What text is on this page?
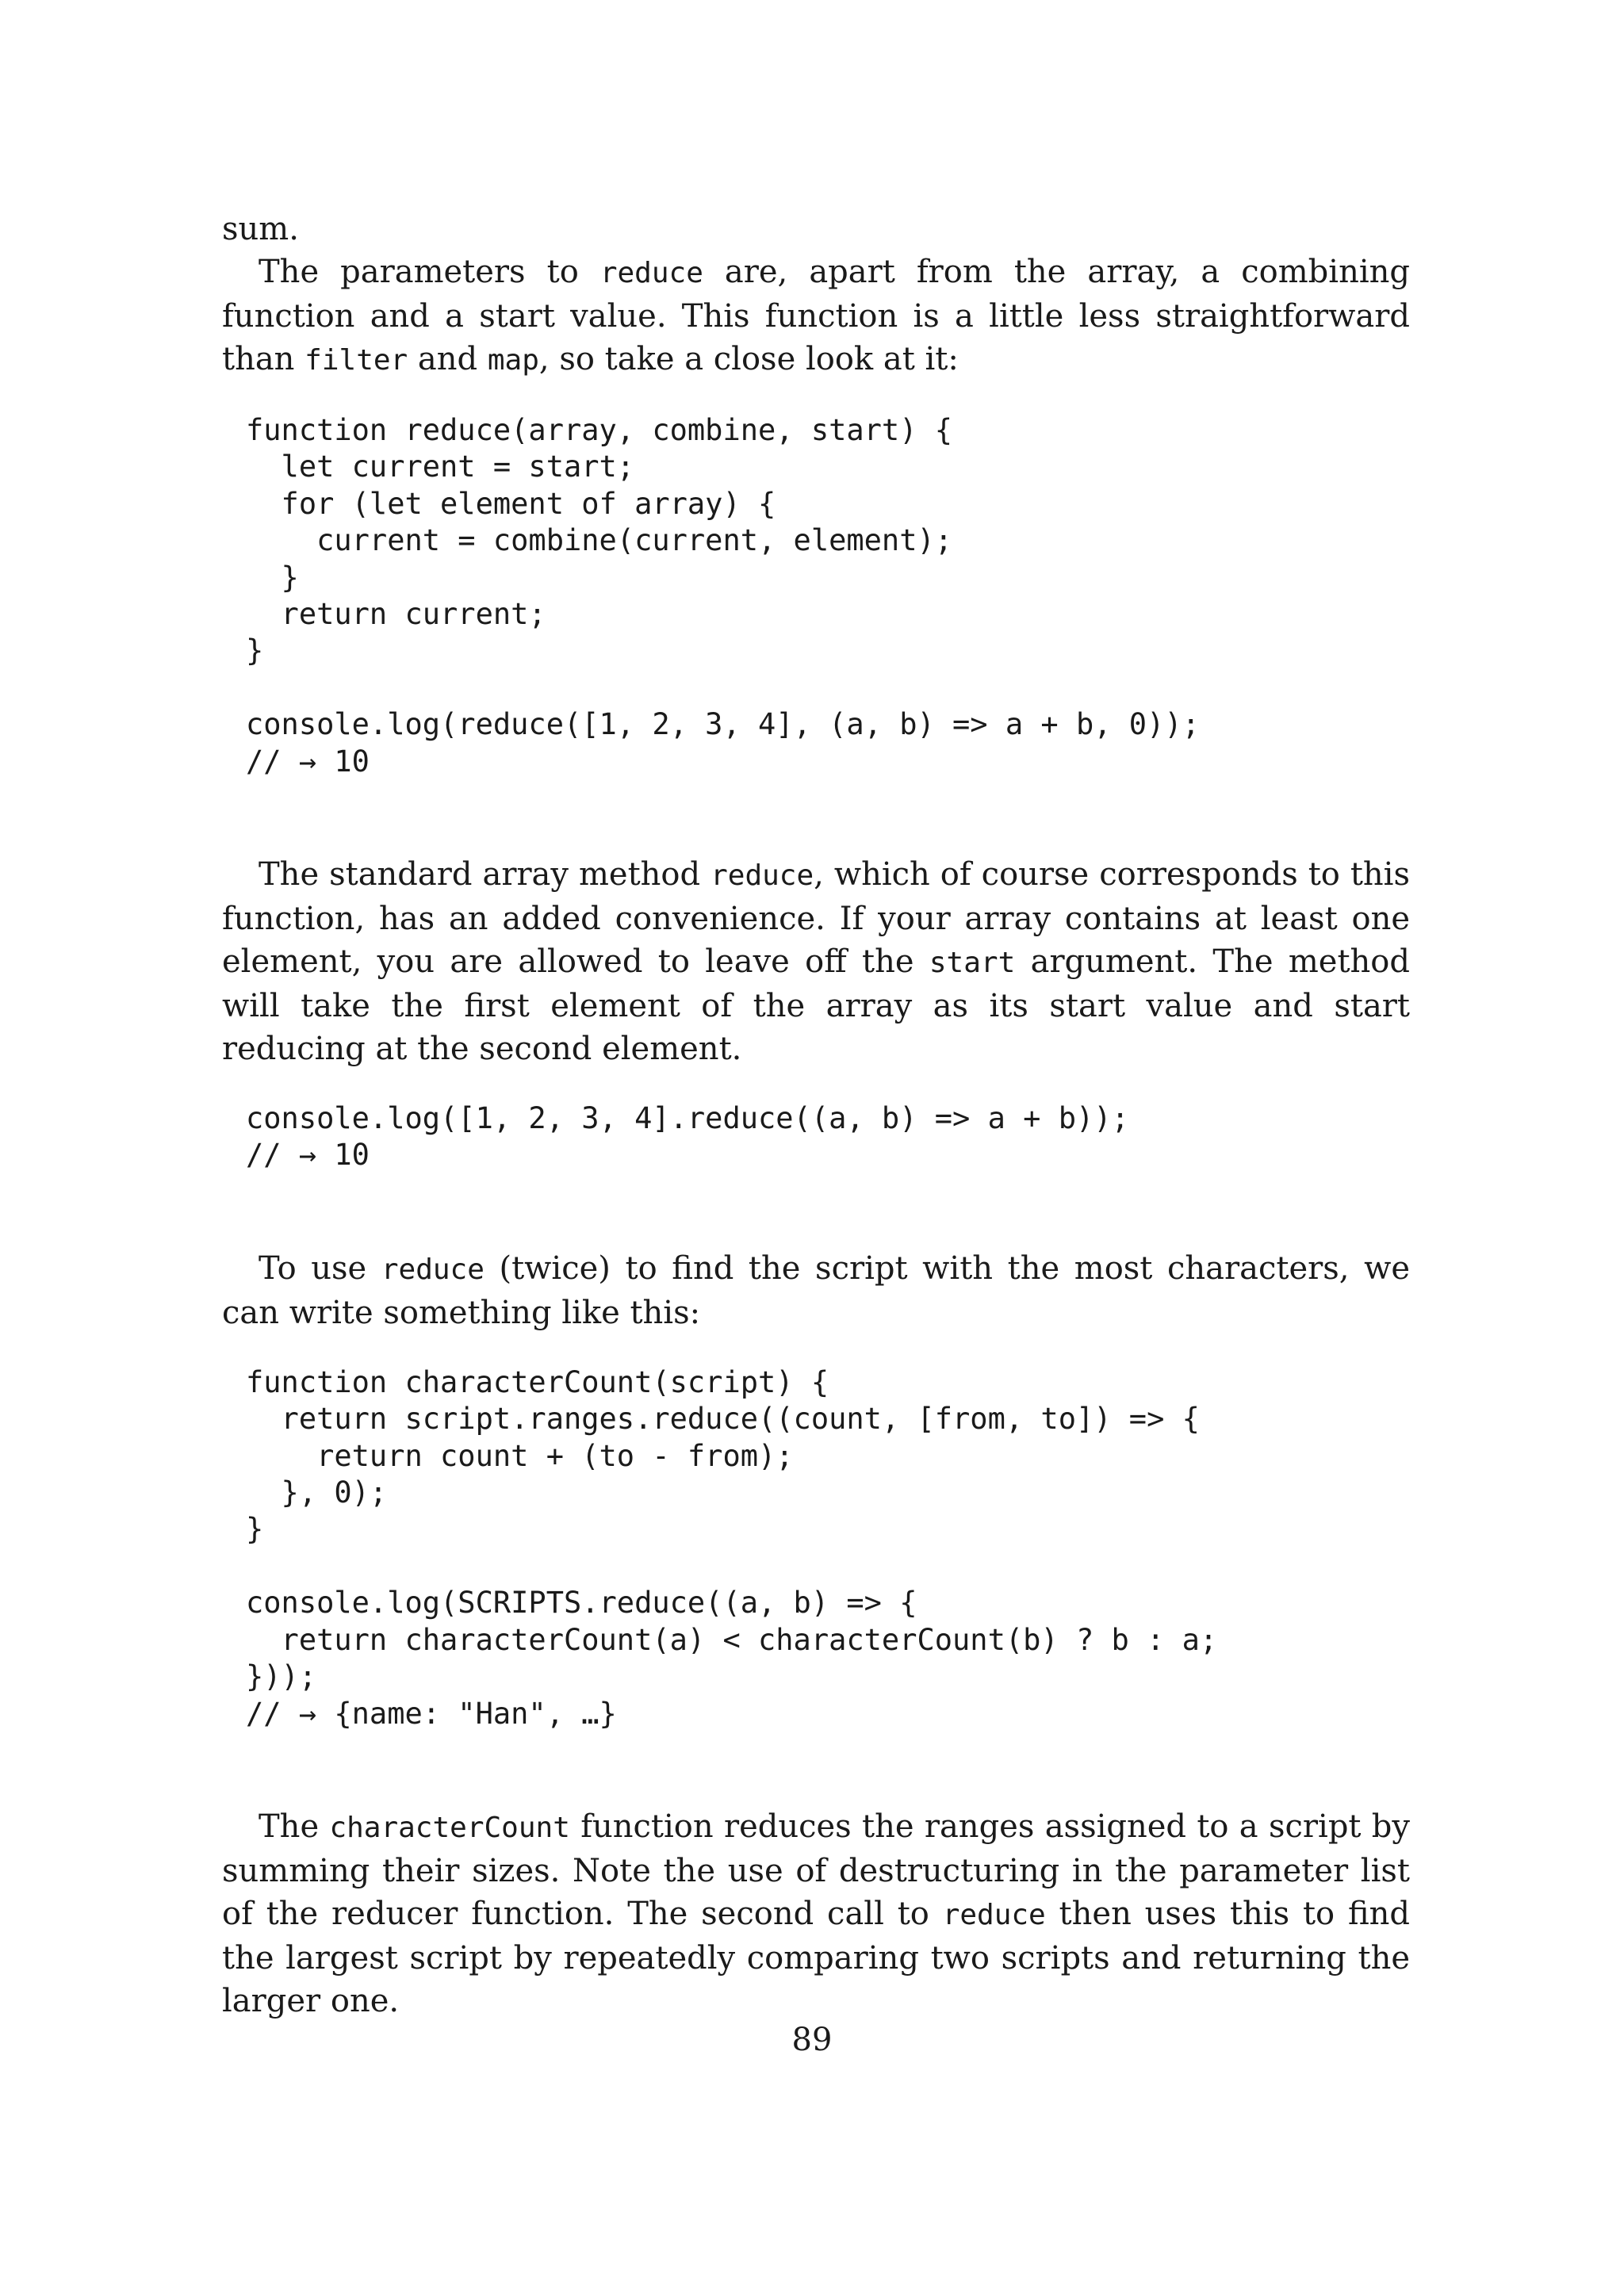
sum.

The parameters to reduce are, apart from the array, a combining function and a start value. This function is a little less straightforward than filter and map, so take a close look at it:

function reduce(array, combine, start) {
let current = start;
for (let element of array) {
current = combine(current, element);
}
return current;
}
console.log(reduce([1, 2, 3, 4], (a, b) => a + b, 0));
// → 10

The standard array method reduce, which of course corresponds to this function, has an added convenience. If your array contains at least one element, you are allowed to leave off the start argument. The method will take the first element of the array as its start value and start reducing at the second element.

console.log([1, 2, 3, 4].reduce((a, b) => a + b));
// → 10

To use reduce (twice) to find the script with the most characters, we can write something like this:

function characterCount(script) {
return script.ranges.reduce((count, [from, to]) => {
return count + (to - from);
}, 0);
}
console.log(SCRIPTS.reduce((a, b) => {
return characterCount(a) < characterCount(b) ? b : a;
}));
// → {name: "Han", …}

The characterCount function reduces the ranges assigned to a script by summing their sizes. Note the use of destructuring in the parameter list of the reducer function. The second call to reduce then uses this to find the largest script by repeatedly comparing two scripts and returning the larger one.

89
